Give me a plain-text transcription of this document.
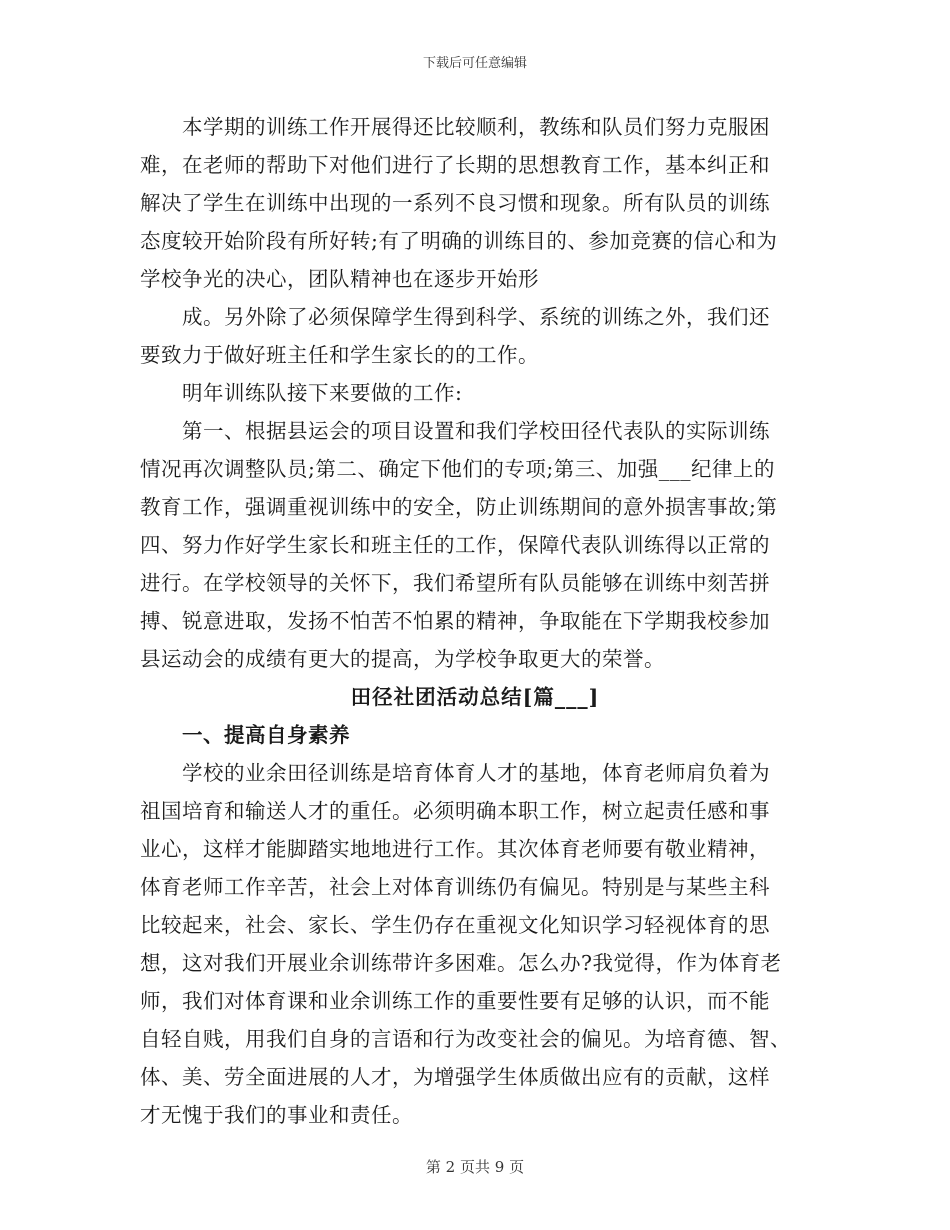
下载后可任意编辑
本学期的训练工作开展得还比较顺利，教练和队员们努力克服困
难，在老师的帮助下对他们进行了长期的思想教育工作，基本纠正和
解决了学生在训练中出现的一系列不良习惯和现象。所有队员的训练
态度较开始阶段有所好转;有了明确的训练目的、参加竞赛的信心和为
学校争光的决心，团队精神也在逐步开始形
成。另外除了必须保障学生得到科学、系统的训练之外，我们还
要致力于做好班主任和学生家长的的工作。
明年训练队接下来要做的工作:
第一、根据县运会的项目设置和我们学校田径代表队的实际训练
情况再次调整队员;第二、确定下他们的专项;第三、加强___纪律上的
教育工作，强调重视训练中的安全，防止训练期间的意外损害事故;第
四、努力作好学生家长和班主任的工作，保障代表队训练得以正常的
进行。在学校领导的关怀下，我们希望所有队员能够在训练中刻苦拼
搏、锐意进取，发扬不怕苦不怕累的精神，争取能在下学期我校参加
县运动会的成绩有更大的提高，为学校争取更大的荣誉。
田径社团活动总结[篇___]
一、提高自身素养
学校的业余田径训练是培育体育人才的基地，体育老师肩负着为
祖国培育和输送人才的重任。必须明确本职工作，树立起责任感和事
业心，这样才能脚踏实地地进行工作。其次体育老师要有敬业精神，
体育老师工作辛苦，社会上对体育训练仍有偏见。特别是与某些主科
比较起来，社会、家长、学生仍存在重视文化知识学习轻视体育的思
想，这对我们开展业余训练带许多困难。怎么办?我觉得，作为体育老
师，我们对体育课和业余训练工作的重要性要有足够的认识，而不能
自轻自贱，用我们自身的言语和行为改变社会的偏见。为培育德、智、
体、美、劳全面进展的人才，为增强学生体质做出应有的贡献，这样
才无愧于我们的事业和责任。
第 2 页共 9 页
